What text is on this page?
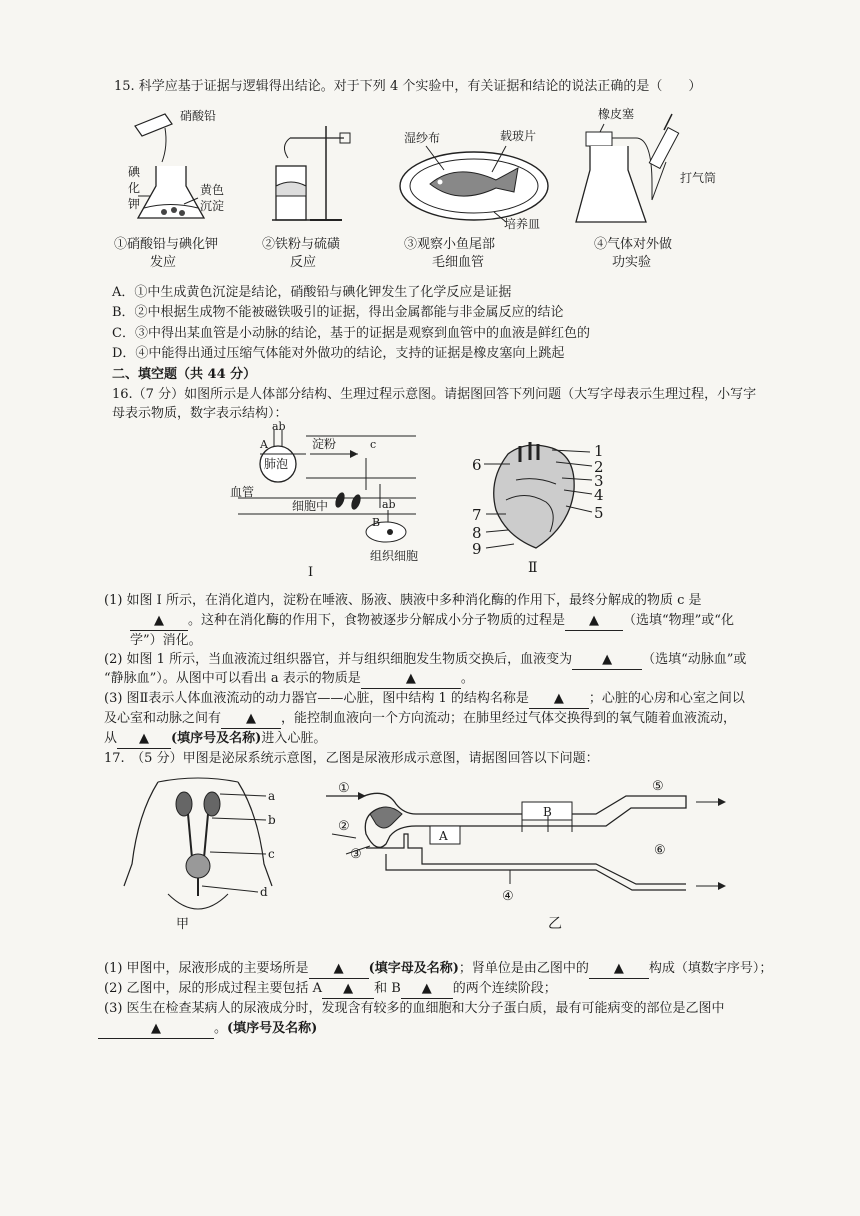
15. 科学应基于证据与逻辑得出结论。对于下列 4 个实验中，有关证据和结论的说法正确的是（　　）
硝酸铅
碘
化
钾
黄色
沉淀
①硝酸铅与碘化钾
发应
②铁粉与硫磺
反应
湿纱布	载玻片
培养皿
③观察小鱼尾部
毛细血管
橡皮塞
打气筒
④气体对外做
功实验
A．①中生成黄色沉淀是结论，硝酸铅与碘化钾发生了化学反应是证据
B．②中根据生成物不能被磁铁吸引的证据，得出金属都能与非金属反应的结论
C．③中得出某血管是小动脉的结论，基于的证据是观察到血管中的血液是鲜红色的
D．④中能得出通过压缩气体能对外做功的结论，支持的证据是橡皮塞向上跳起
二、填空题（共 44 分）
16.（7 分）如图所示是人体部分结构、生理过程示意图。请据图回答下列问题（大写字母表示生理过程，小写字
母表示物质，数字表示结构）：
ab
A
肺泡
淀粉	c
血管
细胞中	ab
B
组织细胞
I
1
2
3
4
5
6
7
8
9
Ⅱ
(1) 如图 I 所示，在消化道内，淀粉在唾液、肠液、胰液中多种消化酶的作用下，最终分解成的物质 c 是
▲ 。这种在消化酶的作用下，食物被逐步分解成小分子物质的过程是 ▲ （选填“物理”或“化
学”）消化。
(2) 如图 1 所示，当血液流过组织器官，并与组织细胞发生物质交换后，血液变为 ▲ （选填“动脉血”或
“静脉血”）。从图中可以看出 a 表示的物质是	▲	。
(3) 图Ⅱ表示人体血液流动的动力器官——心脏，图中结构 1 的结构名称是 ▲ ；心脏的心房和心室之间以
及心室和动脉之间有 ▲ ，能控制血液向一个方向流动；在肺里经过气体交换得到的氧气随着血液流动，
从 ▲ (填序号及名称)进入心脏。
17.　（5 分）甲图是泌尿系统示意图，乙图是尿液形成示意图，请据图回答以下问题：
a
b
c
d
甲
①
②
③
④
⑤
⑥
A
B
乙
(1) 甲图中，尿液形成的主要场所是 ▲ (填字母及名称)；肾单位是由乙图中的 ▲ 构成（填数字序号）；
(2) 乙图中，尿的形成过程主要包括 A ▲ 和 B ▲ 的两个连续阶段；
(3) 医生在检查某病人的尿液成分时，发现含有较多的血细胞和大分子蛋白质，最有可能病变的部位是乙图中
▲	。(填序号及名称)
